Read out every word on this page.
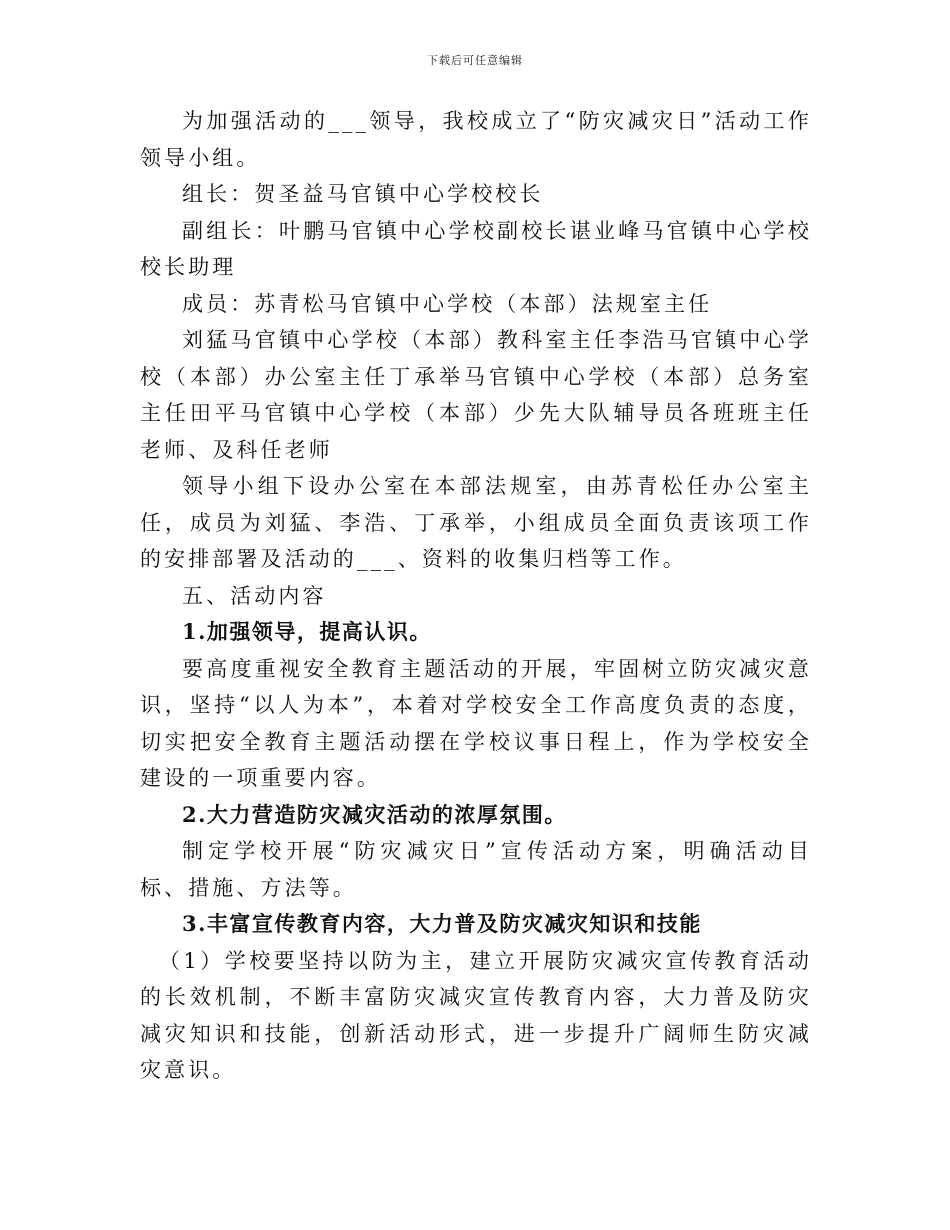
下载后可任意编辑

为加强活动的___领导，我校成立了“防灾减灾日”活动工作领导小组。

组长：贺圣益马官镇中心学校校长

副组长：叶鹏马官镇中心学校副校长谌业峰马官镇中心学校校长助理

成员：苏青松马官镇中心学校（本部）法规室主任

刘猛马官镇中心学校（本部）教科室主任李浩马官镇中心学校（本部）办公室主任丁承举马官镇中心学校（本部）总务室主任田平马官镇中心学校（本部）少先大队辅导员各班班主任老师、及科任老师

领导小组下设办公室在本部法规室，由苏青松任办公室主任，成员为刘猛、李浩、丁承举，小组成员全面负责该项工作的安排部署及活动的___、资料的收集归档等工作。

五、活动内容

1.加强领导，提高认识。

要高度重视安全教育主题活动的开展，牢固树立防灾减灾意识，坚持“以人为本”，本着对学校安全工作高度负责的态度，切实把安全教育主题活动摆在学校议事日程上，作为学校安全建设的一项重要内容。

2.大力营造防灾减灾活动的浓厚氛围。

制定学校开展“防灾减灾日”宣传活动方案，明确活动目标、措施、方法等。

3.丰富宣传教育内容，大力普及防灾减灾知识和技能

（1）学校要坚持以防为主，建立开展防灾减灾宣传教育活动的长效机制，不断丰富防灾减灾宣传教育内容，大力普及防灾减灾知识和技能，创新活动形式，进一步提升广阔师生防灾减灾意识。
